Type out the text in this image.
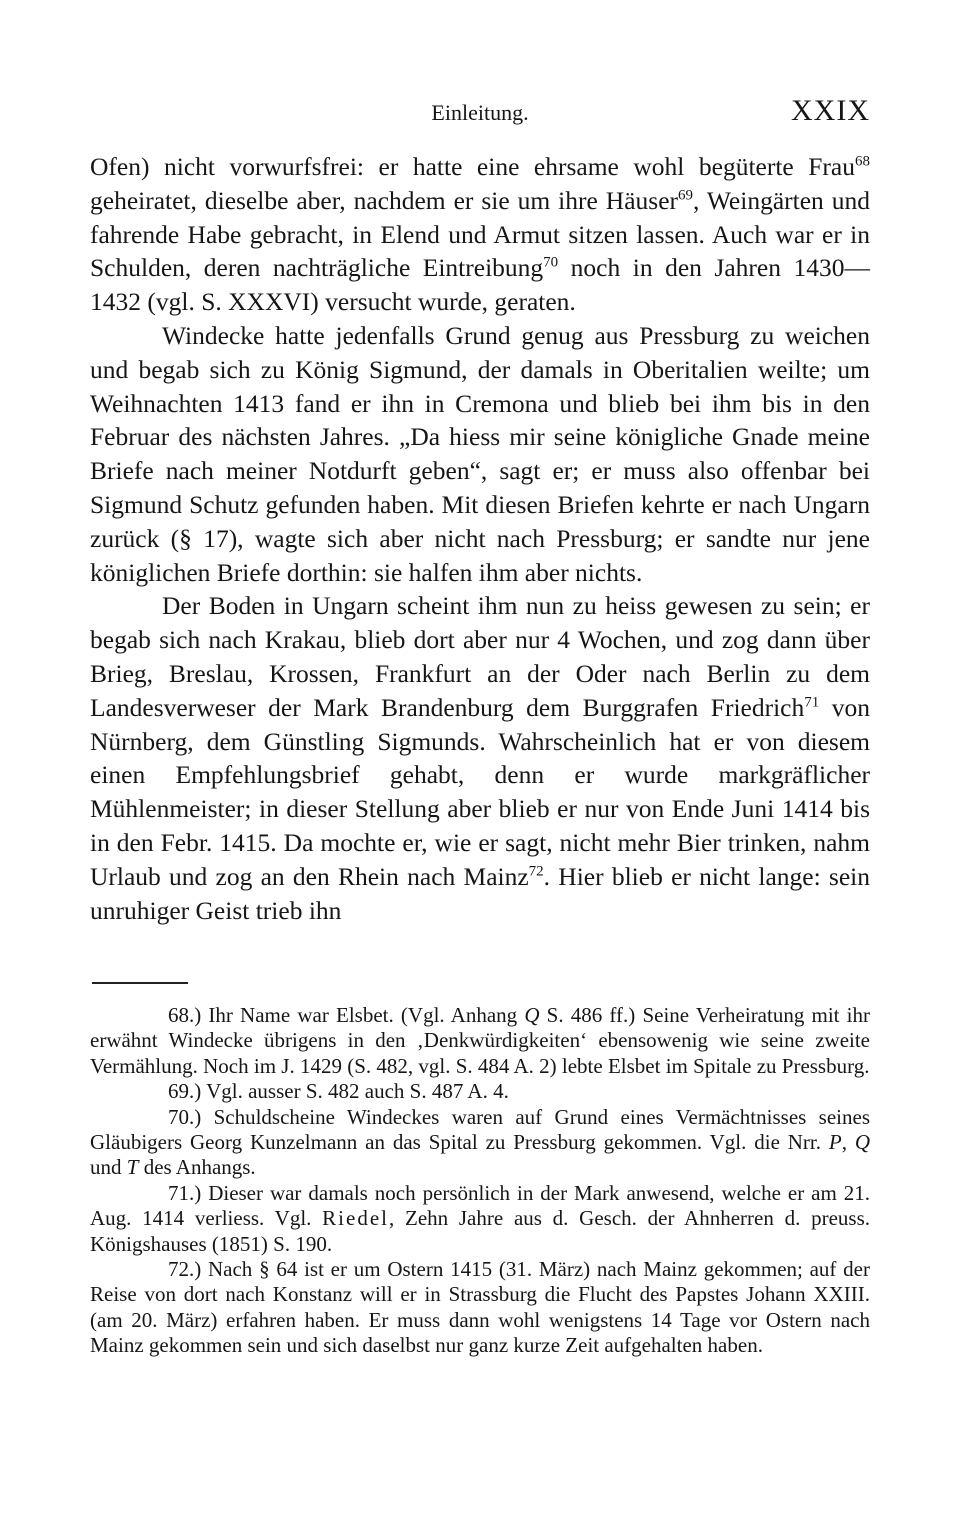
Einleitung.	XXIX

Ofen) nicht vorwurfsfrei: er hatte eine ehrsame wohl begüterte Frau$^{68}$ geheiratet, dieselbe aber, nachdem er sie um ihre Häuser$^{69}$, Weingärten und fahrende Habe gebracht, in Elend und Armut sitzen lassen. Auch war er in Schulden, deren nachträgliche Eintreibung$^{70}$ noch in den Jahren 1430—1432 (vgl. S. XXXVI) versucht wurde, geraten.

Windecke hatte jedenfalls Grund genug aus Pressburg zu weichen und begab sich zu König Sigmund, der damals in Oberitalien weilte; um Weihnachten 1413 fand er ihn in Cremona und blieb bei ihm bis in den Februar des nächsten Jahres. „Da hiess mir seine königliche Gnade meine Briefe nach meiner Notdurft geben“, sagt er; er muss also offenbar bei Sigmund Schutz gefunden haben. Mit diesen Briefen kehrte er nach Ungarn zurück (§ 17), wagte sich aber nicht nach Pressburg; er sandte nur jene königlichen Briefe dorthin: sie halfen ihm aber nichts.

Der Boden in Ungarn scheint ihm nun zu heiss gewesen zu sein; er begab sich nach Krakau, blieb dort aber nur 4 Wochen, und zog dann über Brieg, Breslau, Krossen, Frankfurt an der Oder nach Berlin zu dem Landesverweser der Mark Brandenburg dem Burggrafen Friedrich$^{71}$ von Nürnberg, dem Günstling Sigmunds. Wahrscheinlich hat er von diesem einen Empfehlungsbrief gehabt, denn er wurde markgräflicher Mühlenmeister; in dieser Stellung aber blieb er nur von Ende Juni 1414 bis in den Febr. 1415. Da mochte er, wie er sagt, nicht mehr Bier trinken, nahm Urlaub und zog an den Rhein nach Mainz$^{72}$. Hier blieb er nicht lange: sein unruhiger Geist trieb ihn

68.) Ihr Name war Elsbet. (Vgl. Anhang Q S. 486 ff.) Seine Verheiratung mit ihr erwähnt Windecke übrigens in den ‚Denkwürdigkeiten‘ ebensowenig wie seine zweite Vermählung. Noch im J. 1429 (S. 482, vgl. S. 484 A. 2) lebte Elsbet im Spitale zu Pressburg.

69.) Vgl. ausser S. 482 auch S. 487 A. 4.

70.) Schuldscheine Windeckes waren auf Grund eines Vermächtnisses seines Gläubigers Georg Kunzelmann an das Spital zu Pressburg gekommen. Vgl. die Nrr. P, Q und T des Anhangs.

71.) Dieser war damals noch persönlich in der Mark anwesend, welche er am 21. Aug. 1414 verliess. Vgl. Riedel, Zehn Jahre aus d. Gesch. der Ahnherren d. preuss. Königshauses (1851) S. 190.

72.) Nach § 64 ist er um Ostern 1415 (31. März) nach Mainz gekommen; auf der Reise von dort nach Konstanz will er in Strassburg die Flucht des Papstes Johann XXIII. (am 20. März) erfahren haben. Er muss dann wohl wenigstens 14 Tage vor Ostern nach Mainz gekommen sein und sich daselbst nur ganz kurze Zeit aufgehalten haben.
